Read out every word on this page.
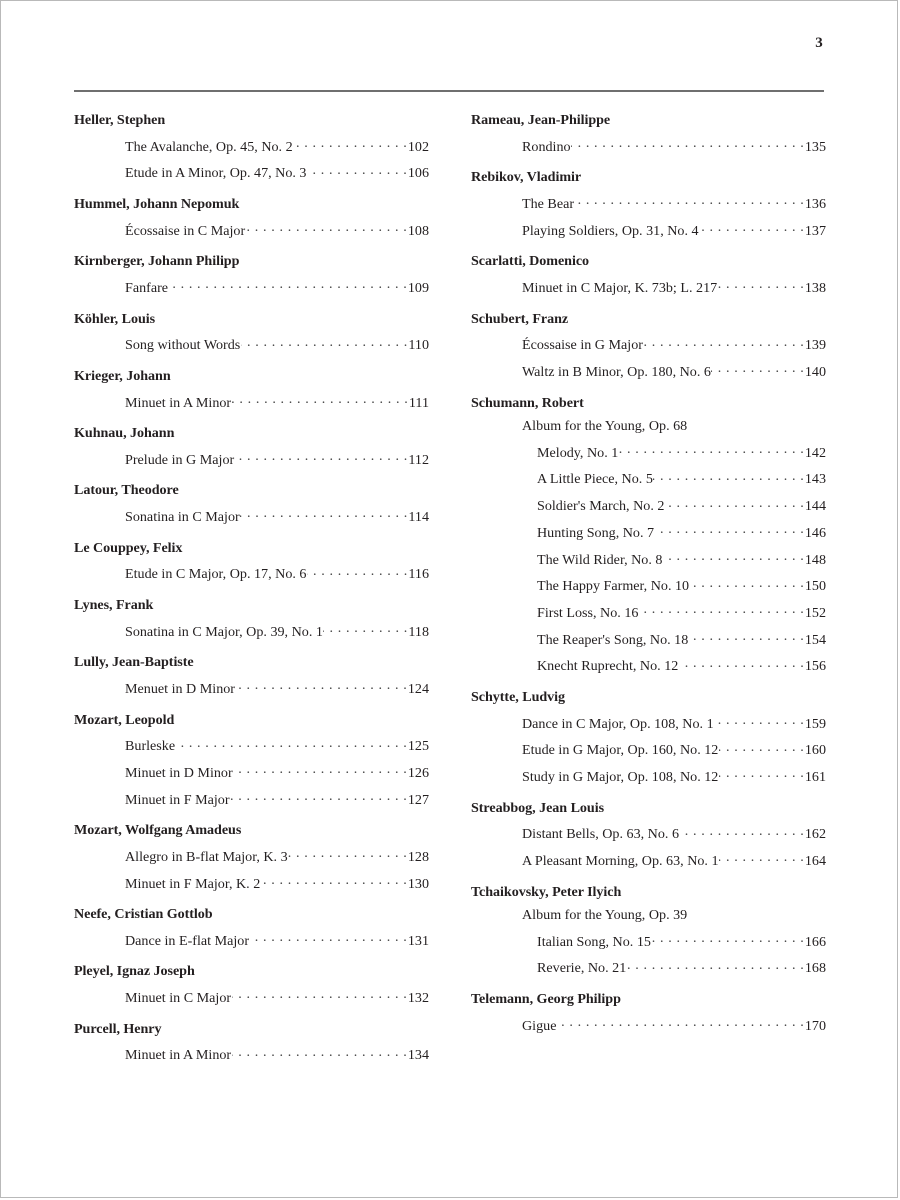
3
Heller, Stephen
The Avalanche, Op. 45, No. 2 . . .	102
Etude in A Minor, Op. 47, No. 3 . . .	106
Hummel, Johann Nepomuk
Écossaise in C Major . . .	108
Kirnberger, Johann Philipp
Fanfare . . .	109
Köhler, Louis
Song without Words . . .	110
Krieger, Johann
Minuet in A Minor . . .	111
Kuhnau, Johann
Prelude in G Major . . .	112
Latour, Theodore
Sonatina in C Major . . .	114
Le Couppey, Felix
Etude in C Major, Op. 17, No. 6 . . .	116
Lynes, Frank
Sonatina in C Major, Op. 39, No. 1 . . .	118
Lully, Jean-Baptiste
Menuet in D Minor . . .	124
Mozart, Leopold
Burleske . . .	125
Minuet in D Minor . . .	126
Minuet in F Major . . .	127
Mozart, Wolfgang Amadeus
Allegro in B-flat Major, K. 3 . . .	128
Minuet in F Major, K. 2 . . .	130
Neefe, Cristian Gottlob
Dance in E-flat Major . . .	131
Pleyel, Ignaz Joseph
Minuet in C Major . . .	132
Purcell, Henry
Minuet in A Minor . . .	134
Rameau, Jean-Philippe
Rondino . . .	135
Rebikov, Vladimir
The Bear . . .	136
Playing Soldiers, Op. 31, No. 4 . . .	137
Scarlatti, Domenico
Minuet in C Major, K. 73b; L. 217 . . .	138
Schubert, Franz
Écossaise in G Major . . .	139
Waltz in B Minor, Op. 180, No. 6 . . .	140
Schumann, Robert
Album for the Young, Op. 68
Melody, No. 1 . . .	142
A Little Piece, No. 5 . . .	143
Soldier's March, No. 2 . . .	144
Hunting Song, No. 7 . . .	146
The Wild Rider, No. 8 . . .	148
The Happy Farmer, No. 10 . . .	150
First Loss, No. 16 . . .	152
The Reaper's Song, No. 18 . . .	154
Knecht Ruprecht, No. 12 . . .	156
Schytte, Ludvig
Dance in C Major, Op. 108, No. 1 . . .	159
Etude in G Major, Op. 160, No. 12 . . .	160
Study in G Major, Op. 108, No. 12 . . .	161
Streabbog, Jean Louis
Distant Bells, Op. 63, No. 6 . . .	162
A Pleasant Morning, Op. 63, No. 1 . . .	164
Tchaikovsky, Peter Ilyich
Album for the Young, Op. 39
Italian Song, No. 15 . . .	166
Reverie, No. 21 . . .	168
Telemann, Georg Philipp
Gigue . . .	170
